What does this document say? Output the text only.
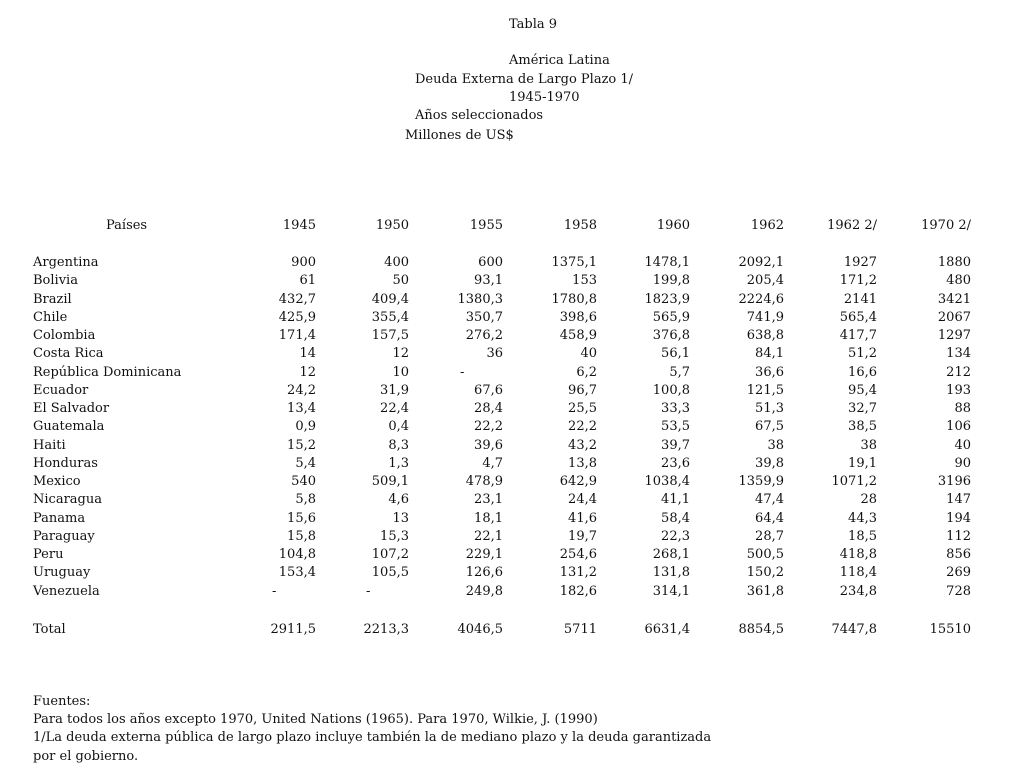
Tabla 9
América Latina
Deuda Externa de Largo Plazo 1/
1945-1970
Años seleccionados
Millones de US$
Países	1945	1950	1955	1958	1960	1962	1962 2/	1970 2/
Argentina	900	400	600	1375,1	1478,1	2092,1	1927	1880
Bolivia	61	50	93,1	153	199,8	205,4	171,2	480
Brazil	432,7	409,4	1380,3	1780,8	1823,9	2224,6	2141	3421
Chile	425,9	355,4	350,7	398,6	565,9	741,9	565,4	2067
Colombia	171,4	157,5	276,2	458,9	376,8	638,8	417,7	1297
Costa Rica	14	12	36	40	56,1	84,1	51,2	134
República Dominicana	12	10	-	6,2	5,7	36,6	16,6	212
Ecuador	24,2	31,9	67,6	96,7	100,8	121,5	95,4	193
El Salvador	13,4	22,4	28,4	25,5	33,3	51,3	32,7	88
Guatemala	0,9	0,4	22,2	22,2	53,5	67,5	38,5	106
Haiti	15,2	8,3	39,6	43,2	39,7	38	38	40
Honduras	5,4	1,3	4,7	13,8	23,6	39,8	19,1	90
Mexico	540	509,1	478,9	642,9	1038,4	1359,9	1071,2	3196
Nicaragua	5,8	4,6	23,1	24,4	41,1	47,4	28	147
Panama	15,6	13	18,1	41,6	58,4	64,4	44,3	194
Paraguay	15,8	15,3	22,1	19,7	22,3	28,7	18,5	112
Peru	104,8	107,2	229,1	254,6	268,1	500,5	418,8	856
Uruguay	153,4	105,5	126,6	131,2	131,8	150,2	118,4	269
Venezuela	-	-	249,8	182,6	314,1	361,8	234,8	728
Total	2911,5	2213,3	4046,5	5711	6631,4	8854,5	7447,8	15510
Fuentes:
Para todos los años excepto 1970, United Nations (1965). Para 1970, Wilkie, J. (1990)
1/La deuda externa pública de largo plazo incluye también la de mediano plazo y la deuda garantizada
por el gobierno.
